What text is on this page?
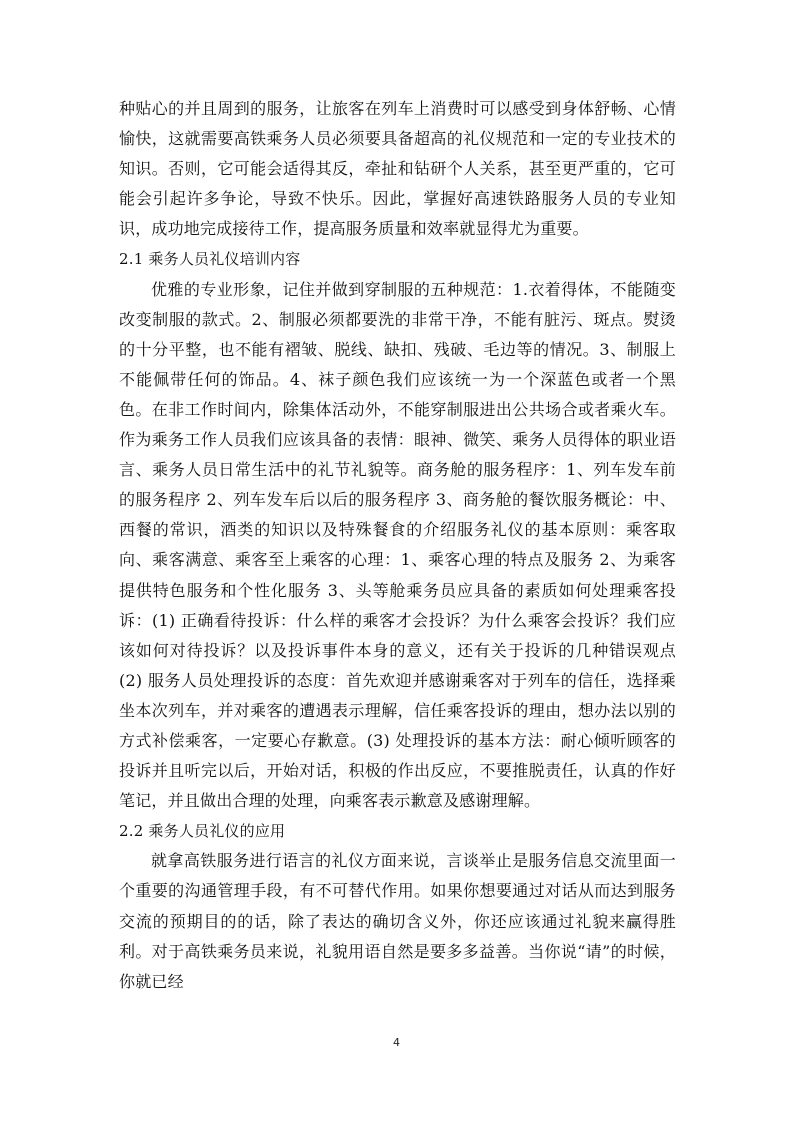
种贴心的并且周到的服务，让旅客在列车上消费时可以感受到身体舒畅、心情愉快，这就需要高铁乘务人员必须要具备超高的礼仪规范和一定的专业技术的知识。否则，它可能会适得其反，牵扯和钻研个人关系，甚至更严重的，它可能会引起许多争论，导致不快乐。因此，掌握好高速铁路服务人员的专业知识，成功地完成接待工作，提高服务质量和效率就显得尤为重要。

2.1 乘务人员礼仪培训内容

优雅的专业形象，记住并做到穿制服的五种规范：1.衣着得体，不能随变改变制服的款式。2、制服必须都要洗的非常干净，不能有脏污、斑点。熨烫的十分平整，也不能有褶皱、脱线、缺扣、残破、毛边等的情况。3、制服上不能佩带任何的饰品。4、袜子颜色我们应该统一为一个深蓝色或者一个黑色。在非工作时间内，除集体活动外，不能穿制服进出公共场合或者乘火车。作为乘务工作人员我们应该具备的表情：眼神、微笑、乘务人员得体的职业语言、乘务人员日常生活中的礼节礼貌等。商务舱的服务程序：1、列车发车前的服务程序 2、列车发车后以后的服务程序 3、商务舱的餐饮服务概论：中、西餐的常识，酒类的知识以及特殊餐食的介绍服务礼仪的基本原则：乘客取向、乘客满意、乘客至上乘客的心理：1、乘客心理的特点及服务 2、为乘客提供特色服务和个性化服务 3、头等舱乘务员应具备的素质如何处理乘客投诉：(1) 正确看待投诉：什么样的乘客才会投诉？为什么乘客会投诉？我们应该如何对待投诉？以及投诉事件本身的意义，还有关于投诉的几种错误观点 (2) 服务人员处理投诉的态度：首先欢迎并感谢乘客对于列车的信任，选择乘坐本次列车，并对乘客的遭遇表示理解，信任乘客投诉的理由，想办法以别的方式补偿乘客，一定要心存歉意。(3) 处理投诉的基本方法：耐心倾听顾客的投诉并且听完以后，开始对话，积极的作出反应，不要推脱责任，认真的作好笔记，并且做出合理的处理，向乘客表示歉意及感谢理解。

2.2 乘务人员礼仪的应用

就拿高铁服务进行语言的礼仪方面来说，言谈举止是服务信息交流里面一个重要的沟通管理手段，有不可替代作用。如果你想要通过对话从而达到服务交流的预期目的的话，除了表达的确切含义外，你还应该通过礼貌来赢得胜利。对于高铁乘务员来说，礼貌用语自然是要多多益善。当你说“请”的时候，你就已经

4
